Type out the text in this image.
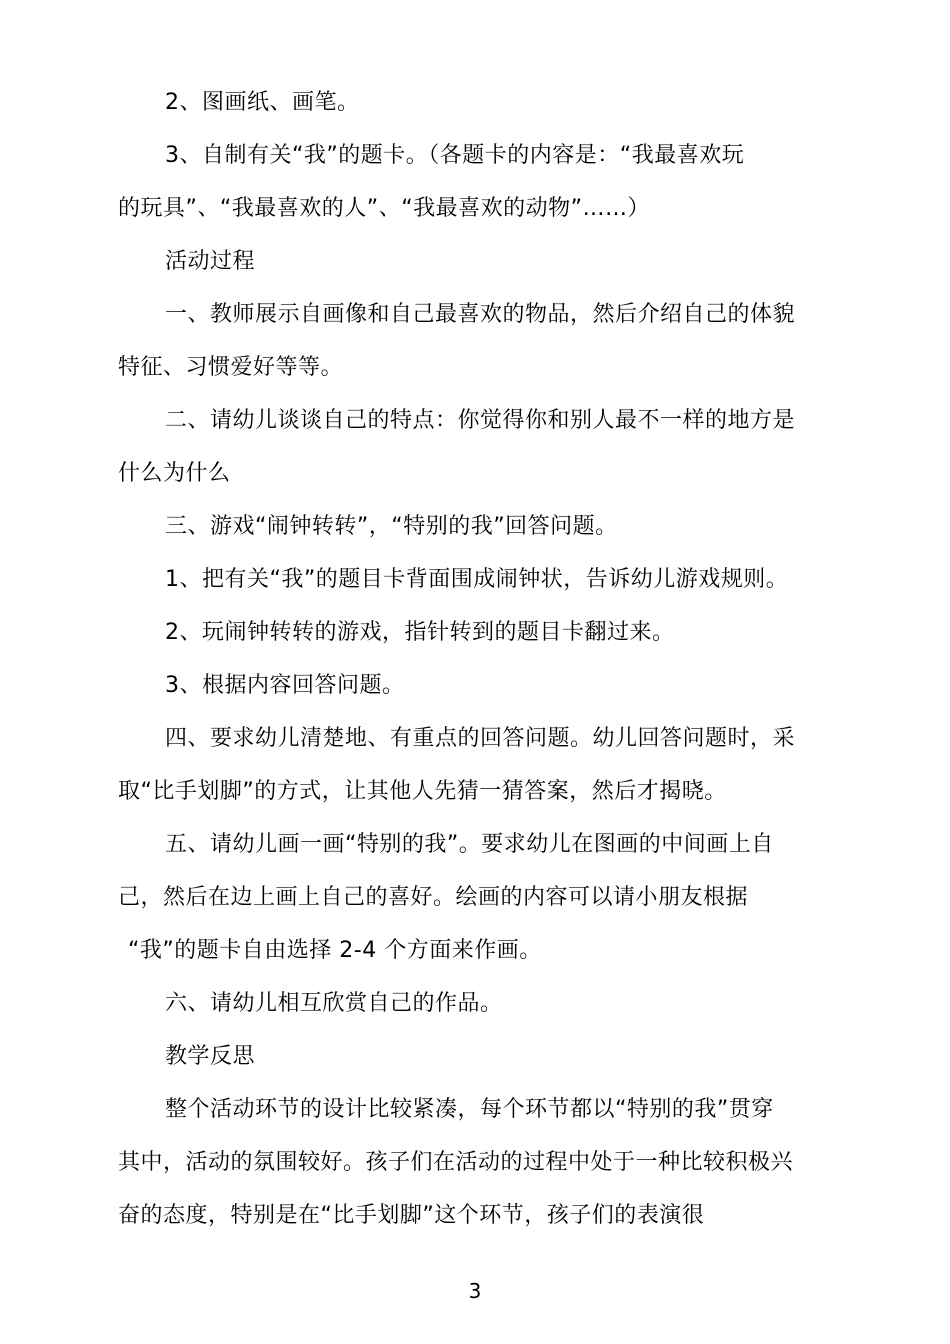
2、图画纸、画笔。
3、自制有关“我”的题卡。（各题卡的内容是：“我最喜欢玩
的玩具”、“我最喜欢的人”、“我最喜欢的动物”……）
活动过程
一、教师展示自画像和自己最喜欢的物品，然后介绍自己的体貌
特征、习惯爱好等等。
二、请幼儿谈谈自己的特点：你觉得你和别人最不一样的地方是
什么为什么
三、游戏“闹钟转转”，“特别的我”回答问题。
1、把有关“我”的题目卡背面围成闹钟状，告诉幼儿游戏规则。
2、玩闹钟转转的游戏，指针转到的题目卡翻过来。
3、根据内容回答问题。
四、要求幼儿清楚地、有重点的回答问题。幼儿回答问题时，采
取“比手划脚”的方式，让其他人先猜一猜答案，然后才揭晓。
五、请幼儿画一画“特别的我”。要求幼儿在图画的中间画上自
己，然后在边上画上自己的喜好。绘画的内容可以请小朋友根据
“我”的题卡自由选择 2-4 个方面来作画。
六、请幼儿相互欣赏自己的作品。
教学反思
整个活动环节的设计比较紧凑，每个环节都以“特别的我”贯穿
其中，活动的氛围较好。孩子们在活动的过程中处于一种比较积极兴
奋的态度，特别是在“比手划脚”这个环节，孩子们的表演很
3
